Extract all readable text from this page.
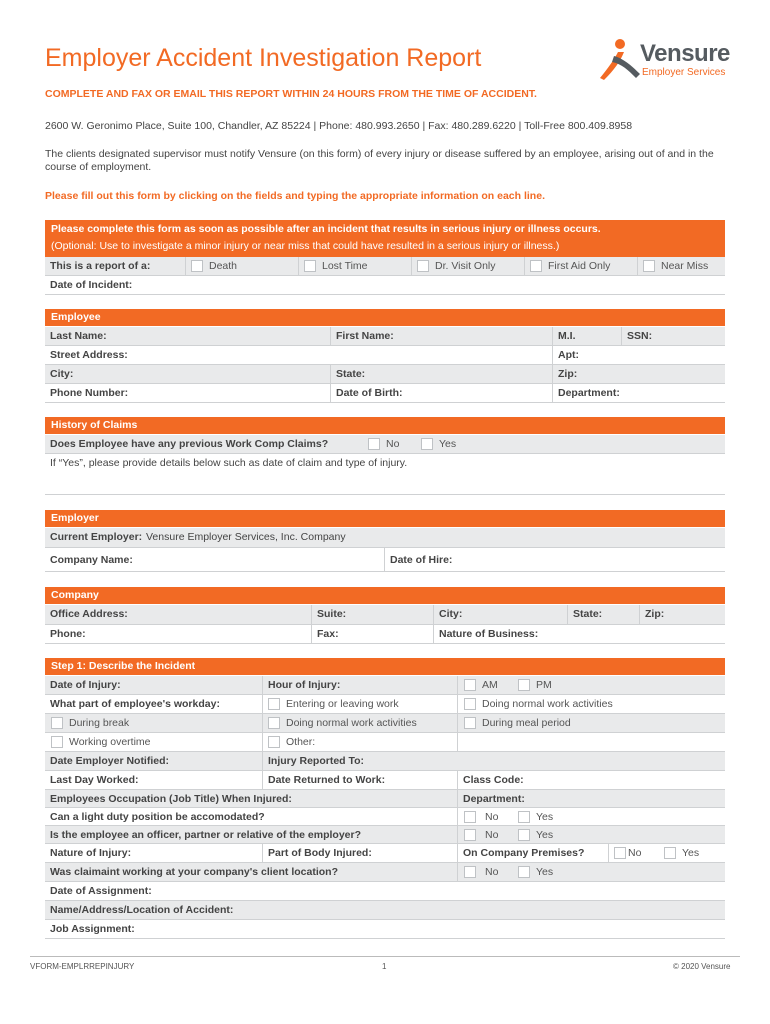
Employer Accident Investigation Report	Vensure
Employer Services
COMPLETE AND FAX OR EMAIL THIS REPORT WITHIN 24 HOURS FROM THE TIME OF ACCIDENT.
2600 W. Geronimo Place, Suite 100, Chandler, AZ 85224 | Phone: 480.993.2650 | Fax: 480.289.6220 | Toll-Free 800.409.8958
The clients designated supervisor must notify Vensure (on this form) of every injury or disease suffered by an employee, arising out of and in the course of employment.
Please fill out this form by clicking on the fields and typing the appropriate information on each line.
Please complete this form as soon as possible after an incident that results in serious injury or illness occurs.
(Optional: Use to investigate a minor injury or near miss that could have resulted in a serious injury or illness.)
This is a report of a:	Death	Lost Time	Dr. Visit Only	First Aid Only	Near Miss
Date of Incident:
Employee
Last Name:	First Name:	M.I.	SSN:
Street Address:	Apt:
City:	State:	Zip:
Phone Number:	Date of Birth:	Department:
History of Claims
Does Employee have any previous Work Comp Claims?	No	Yes
If “Yes”, please provide details below such as date of claim and type of injury.
Employer
Current Employer: Vensure Employer Services, Inc. Company
Company Name:	Date of Hire:
Company
Office Address:	Suite:	City:	State:	Zip:
Phone:	Fax:	Nature of Business:
Step 1: Describe the Incident
Date of Injury:	Hour of Injury:	AM	PM
What part of employee's workday:	Entering or leaving work	Doing normal work activities
During break	Doing normal work activities	During meal period
Working overtime	Other:
Date Employer Notified:	Injury Reported To:
Last Day Worked:	Date Returned to Work:	Class Code:
Employees Occupation (Job Title) When Injured:	Department:
Can a light duty position be accomodated?	No	Yes
Is the employee an officer, partner or relative of the employer?	No	Yes
Nature of Injury:	Part of Body Injured:	On Company Premises?	No	Yes
Was claimaint working at your company's client location?	No	Yes
Date of Assignment:
Name/Address/Location of Accident:
Job Assignment:
VFORM-EMPLRREPINJURY	1	© 2020 Vensure
